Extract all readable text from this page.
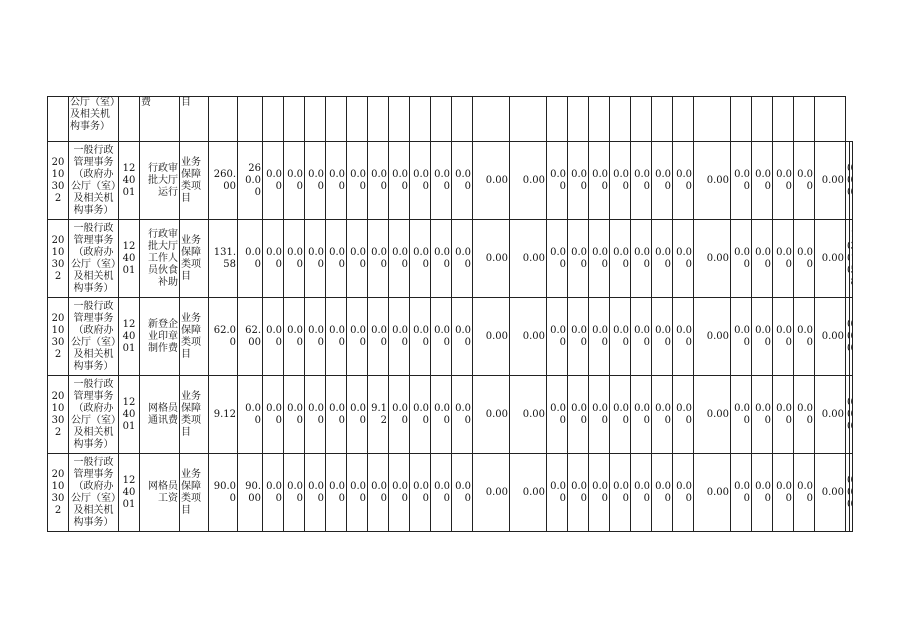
	公厅（室）及相关机构事务）		费	目																													
2010302	一般行政管理事务（政府办公厅（室）及相关机构事务）	124001	行政审批大厅运行	业务保障类项目	260.00	260.00	0.00	0.00	0.00	0.00	0.00	0.00	0.00	0.00	0.00	0.00	0.00	0.00	0.00	0.00	0.00	0.00	0.00	0.00	0.00	0.00	0.00	0.00	0.00	0.00	0.00		
2010302	一般行政管理事务（政府办公厅（室）及相关机构事务）	124001	行政审批大厅工作人员伙食补助	业务保障类项目	131.58	0.00	0.00	0.00	0.00	0.00	0.00	0.00	0.00	0.00	0.00	0.00	0.00	0.00	0.00	0.00	0.00	0.00	0.00	0.00	0.00	0.00	0.00	0.00	0.00	0.00	0.00		
2010302	一般行政管理事务（政府办公厅（室）及相关机构事务）	124001	新登企业印章制作费	业务保障类项目	62.00	62.00	0.00	0.00	0.00	0.00	0.00	0.00	0.00	0.00	0.00	0.00	0.00	0.00	0.00	0.00	0.00	0.00	0.00	0.00	0.00	0.00	0.00	0.00	0.00	0.00	0.00		
2010302	一般行政管理事务（政府办公厅（室）及相关机构事务）	124001	网格员通讯费	业务保障类项目	9.12	0.00	0.00	0.00	0.00	0.00	0.00	9.12	0.00	0.00	0.00	0.00	0.00	0.00	0.00	0.00	0.00	0.00	0.00	0.00	0.00	0.00	0.00	0.00	0.00	0.00	0.00		
2010302	一般行政管理事务（政府办公厅（室）及相关机构事务）	124001	网格员工资	业务保障类项目	90.00	90.00	0.00	0.00	0.00	0.00	0.00	0.00	0.00	0.00	0.00	0.00	0.00	0.00	0.00	0.00	0.00	0.00	0.00	0.00	0.00	0.00	0.00	0.00	0.00	0.00	0.00		
